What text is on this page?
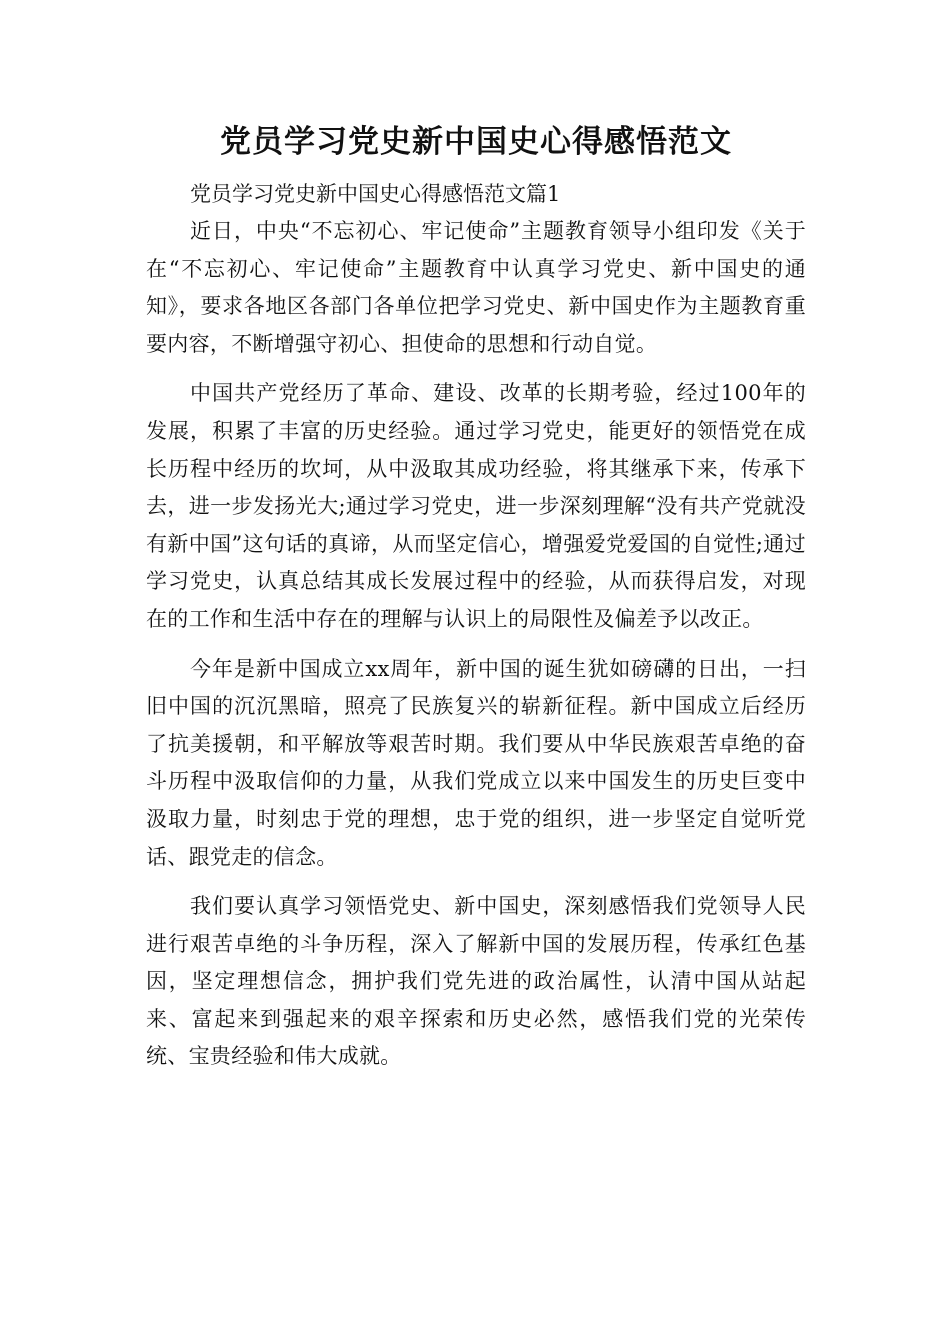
党员学习党史新中国史心得感悟范文

党员学习党史新中国史心得感悟范文篇1

近日，中央“不忘初心、牢记使命”主题教育领导小组印发《关于在“不忘初心、牢记使命”主题教育中认真学习党史、新中国史的通知》，要求各地区各部门各单位把学习党史、新中国史作为主题教育重要内容，不断增强守初心、担使命的思想和行动自觉。

中国共产党经历了革命、建设、改革的长期考验，经过100年的发展，积累了丰富的历史经验。通过学习党史，能更好的领悟党在成长历程中经历的坎坷，从中汲取其成功经验，将其继承下来，传承下去，进一步发扬光大;通过学习党史，进一步深刻理解“没有共产党就没有新中国”这句话的真谛，从而坚定信心，增强爱党爱国的自觉性;通过学习党史，认真总结其成长发展过程中的经验，从而获得启发，对现在的工作和生活中存在的理解与认识上的局限性及偏差予以改正。

今年是新中国成立xx周年，新中国的诞生犹如磅礴的日出，一扫旧中国的沉沉黑暗，照亮了民族复兴的崭新征程。新中国成立后经历了抗美援朝，和平解放等艰苦时期。我们要从中华民族艰苦卓绝的奋斗历程中汲取信仰的力量，从我们党成立以来中国发生的历史巨变中汲取力量，时刻忠于党的理想，忠于党的组织，进一步坚定自觉听党话、跟党走的信念。

我们要认真学习领悟党史、新中国史，深刻感悟我们党领导人民进行艰苦卓绝的斗争历程，深入了解新中国的发展历程，传承红色基因，坚定理想信念，拥护我们党先进的政治属性，认清中国从站起来、富起来到强起来的艰辛探索和历史必然，感悟我们党的光荣传统、宝贵经验和伟大成就。
